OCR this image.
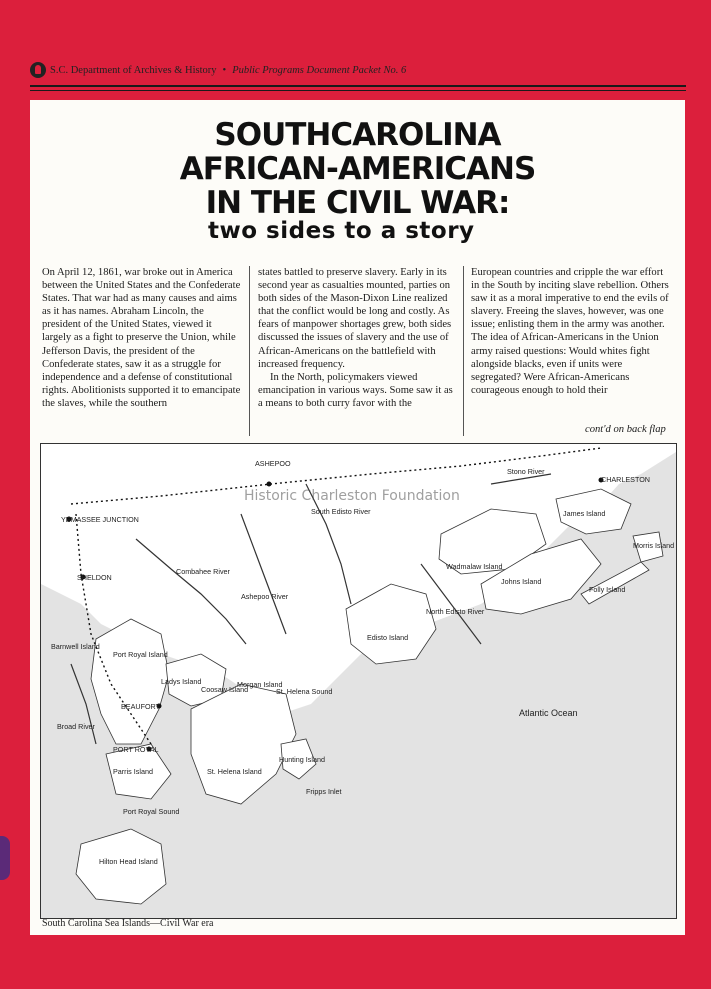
S.C. Department of Archives & History • Public Programs Document Packet No. 6
SOUTHCAROLINA
AFRICAN-AMERICANS
IN THE CIVIL WAR:
two sides to a story

On April 12, 1861, war broke out in America between the United States and the Confederate States. That war had as many causes and aims as it has names. Abraham Lincoln, the president of the United States, viewed it largely as a fight to preserve the Union, while Jefferson Davis, the president of the Confederate states, saw it as a struggle for independence and a defense of constitutional rights. Abolitionists supported it to emancipate the slaves, while the southern

states battled to preserve slavery. Early in its second year as casualties mounted, parties on both sides of the Mason-Dixon Line realized that the conflict would be long and costly. As fears of manpower shortages grew, both sides discussed the issues of slavery and the use of African-Americans on the battlefield with increased frequency.

In the North, policymakers viewed emancipation in various ways. Some saw it as a means to both curry favor with the

European countries and cripple the war effort in the South by inciting slave rebellion. Others saw it as a moral imperative to end the evils of slavery. Freeing the slaves, however, was one issue; enlisting them in the army was another. The idea of African-Americans in the Union army raised questions: Would whites fight alongside blacks, even if units were segregated? Were African-Americans courageous enough to hold their

cont'd on back flap
ASHEPOO
CHARLESTON
YEMASSEE JUNCTION
SHELDON
BEAUFORT
PORT ROYAL
Barnwell Island
Port Royal Island
Ladys Island
Coosaw Island
Morgan Island
Parris Island	St. Helena Island
Hunting Island
Hilton Head Island
Edisto Island
Wadmalaw Island
Johns Island
James Island
Morris Island
Folly Island
Atlantic Ocean
Combahee River
Ashepoo River
South Edisto River
North Edisto River
Stono River
St. Helena Sound
Port Royal Sound
Broad River
Fripps Inlet
South Carolina Sea Islands—Civil War era
Historic Charleston Foundation
